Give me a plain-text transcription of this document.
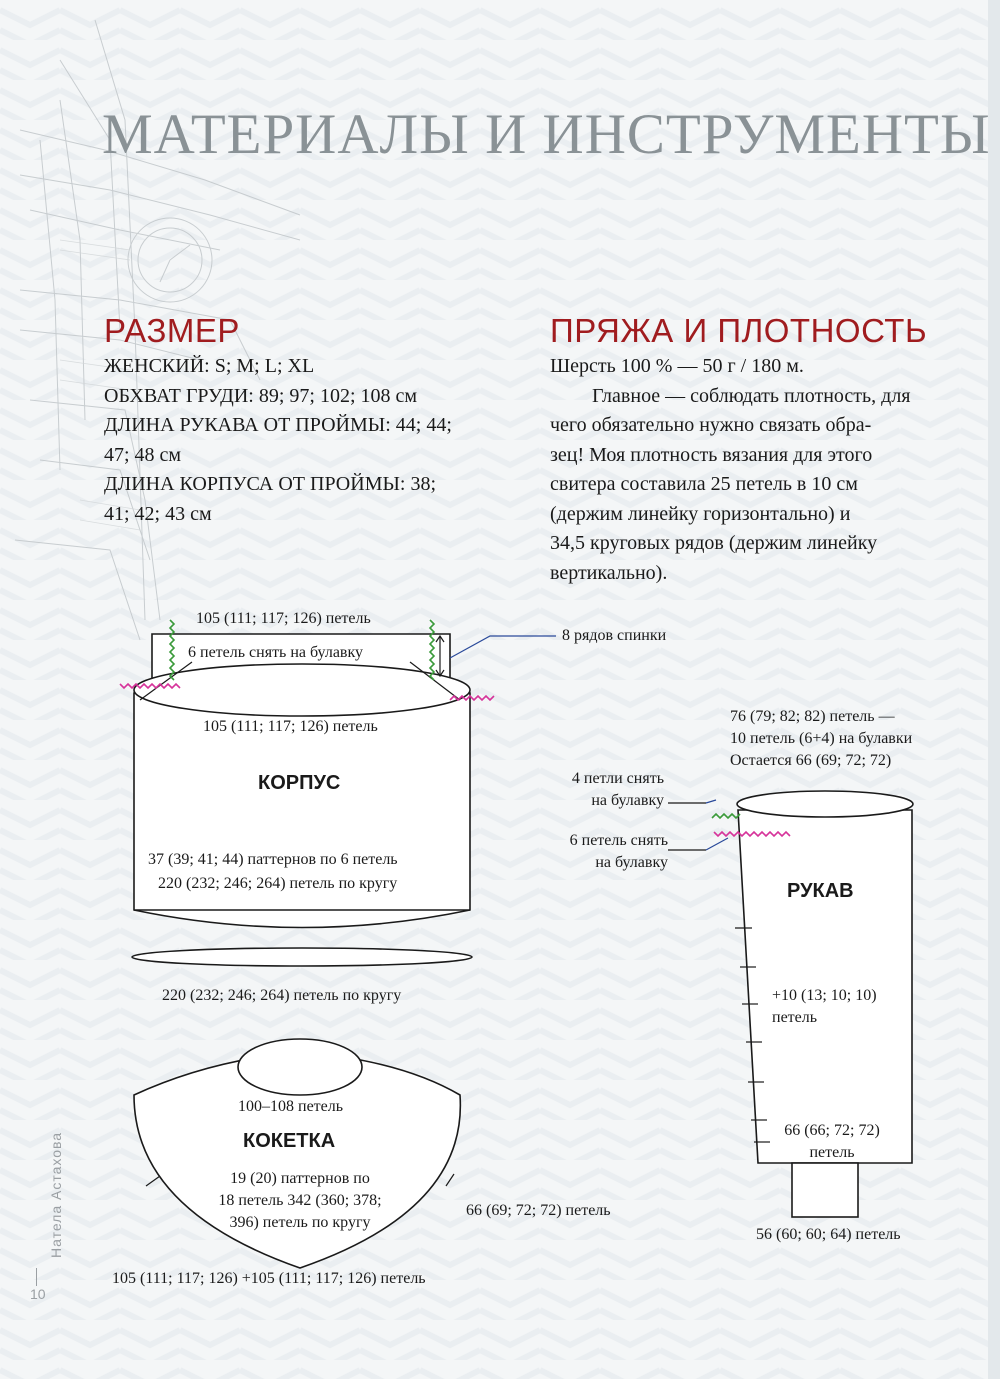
МАТЕРИАЛЫ И ИНСТРУМЕНТЫ
РАЗМЕР

ЖЕНСКИЙ: S; M; L; XL

ОБХВАТ ГРУДИ: 89; 97; 102; 108 см

ДЛИНА РУКАВА ОТ ПРОЙМЫ: 44; 44;

47; 48 см

ДЛИНА КОРПУСА ОТ ПРОЙМЫ: 38;

41; 42; 43 см

ПРЯЖА И ПЛОТНОСТЬ

Шерсть 100 % — 50 г / 180 м.

Главное — соблюдать плотность, для

чего обязательно нужно связать обра-

зец! Моя плотность вязания для этого

свитера составила 25 петель в 10 см

(держим линейку горизонтально) и

34,5 круговых рядов (держим линейку

вертикально).

105 (111; 117; 126) петель
6 петель снять на булавку
8 рядов спинки
105 (111; 117; 126) петель
КОРПУС
37 (39; 41; 44) паттернов по 6 петель
220 (232; 246; 264) петель по кругу
220 (232; 246; 264) петель по кругу
100–108 петель
КОКЕТКА
19 (20) паттернов по
18 петель 342 (360; 378;
396) петель по кругу
66 (69; 72; 72) петель
105 (111; 117; 126) +105 (111; 117; 126) петель
76 (79; 82; 82) петель —
10 петель (6+4) на булавки
Остается 66 (69; 72; 72)
4 петли снять
на булавку
6 петель снять
на булавку
РУКАВ
+10 (13; 10; 10)
петель
66 (66; 72; 72)
петель
56 (60; 60; 64) петель
Натела Астахова
10
